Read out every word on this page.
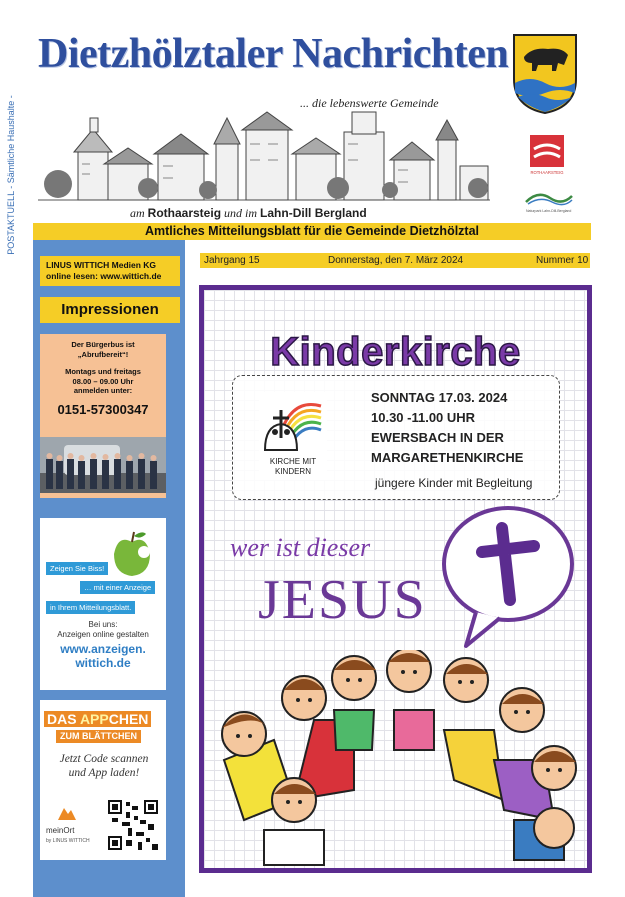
POSTAKTUELL - Sämtliche Haushalte -
Dietzhölztaler Nachrichten
... die lebenswerte Gemeinde
am Rothaarsteig und im Lahn-Dill Bergland
ROTHAARSTEIG
Naturpark Lahn-Dill-Bergland
Amtliches Mitteilungsblatt für die Gemeinde Dietzhölztal
LINUS WITTICH Medien KG
online lesen: www.wittich.de
Impressionen
Der Bürgerbus ist
„Abrufbereit“!
Montags und freitags
08.00 – 09.00 Uhr
anmelden unter:
0151-57300347
Zeigen Sie Biss!
… mit einer Anzeige
in Ihrem Mitteilungsblatt.
Bei uns:
Anzeigen online gestalten
www.anzeigen.
wittich.de
DAS APPCHEN
ZUM BLÄTTCHEN
Jetzt Code scannen
und App laden!
meinOrt
by LINUS WITTICH
Jahrgang 15	Donnerstag, den 7. März 2024	Nummer 10
Kinderkirche
KIRCHE MIT
KINDERN
SONNTAG 17.03. 2024
10.30 -11.00 UHR
EWERSBACH IN DER
MARGARETHENKIRCHE
jüngere Kinder mit Begleitung
wer ist dieser
JESUS
